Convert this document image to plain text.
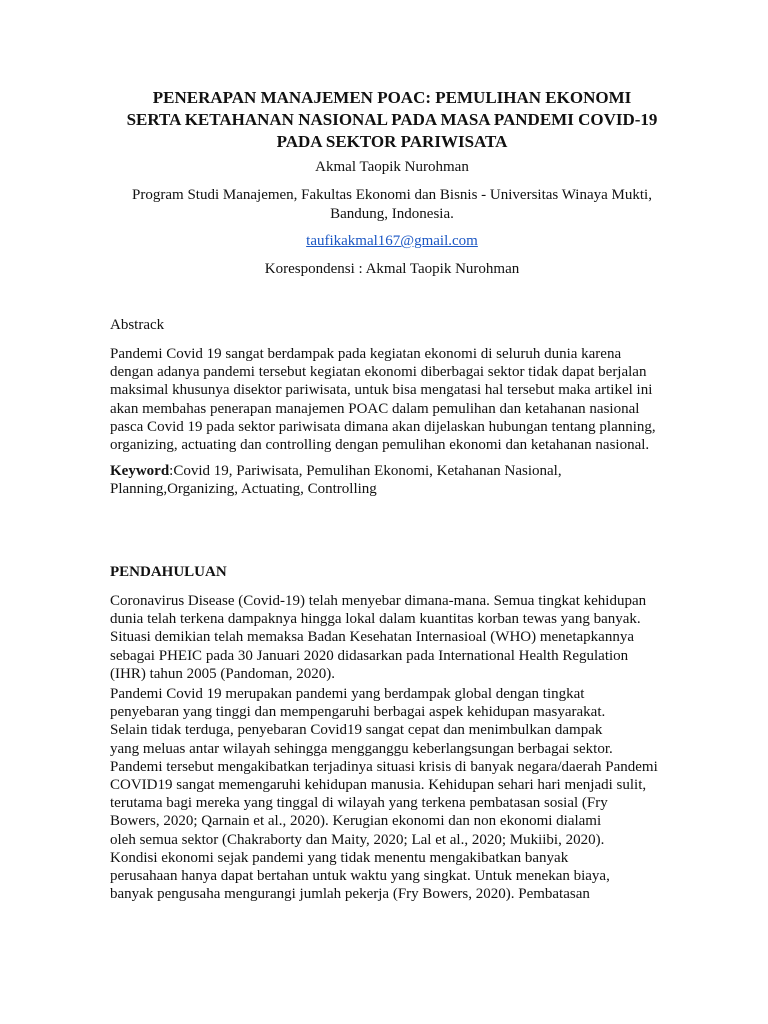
PENERAPAN MANAJEMEN POAC: PEMULIHAN EKONOMI
SERTA KETAHANAN NASIONAL PADA MASA PANDEMI COVID-19
PADA SEKTOR PARIWISATA

Akmal Taopik Nurohman

Program Studi Manajemen, Fakultas Ekonomi dan Bisnis - Universitas Winaya Mukti,
Bandung, Indonesia.

taufikakmal167@gmail.com

Korespondensi : Akmal Taopik Nurohman

Abstrack

Pandemi Covid 19 sangat berdampak pada kegiatan ekonomi di seluruh dunia karena
dengan adanya pandemi tersebut kegiatan ekonomi diberbagai sektor tidak dapat berjalan
maksimal khusunya disektor pariwisata, untuk bisa mengatasi hal tersebut maka artikel ini
akan membahas penerapan manajemen POAC dalam pemulihan dan ketahanan nasional
pasca Covid 19 pada sektor pariwisata dimana akan dijelaskan hubungan tentang planning,
organizing, actuating dan controlling dengan pemulihan ekonomi dan ketahanan nasional.
Keyword:Covid 19, Pariwisata, Pemulihan Ekonomi, Ketahanan Nasional,
Planning,Organizing, Actuating, Controlling
PENDAHULUAN
Coronavirus Disease (Covid-19) telah menyebar dimana-mana. Semua tingkat kehidupan
dunia telah terkena dampaknya hingga lokal dalam kuantitas korban tewas yang banyak.
Situasi demikian telah memaksa Badan Kesehatan Internasioal (WHO) menetapkannya
sebagai PHEIC pada 30 Januari 2020 didasarkan pada International Health Regulation
(IHR) tahun 2005 (Pandoman, 2020).
Pandemi Covid 19 merupakan pandemi yang berdampak global dengan tingkat
penyebaran yang tinggi dan mempengaruhi berbagai aspek kehidupan masyarakat.
Selain tidak terduga, penyebaran Covid19 sangat cepat dan menimbulkan dampak
yang meluas antar wilayah sehingga mengganggu keberlangsungan berbagai sektor.
Pandemi tersebut mengakibatkan terjadinya situasi krisis di banyak negara/daerah Pandemi
COVID19 sangat memengaruhi kehidupan manusia. Kehidupan sehari hari menjadi sulit,
terutama bagi mereka yang tinggal di wilayah yang terkena pembatasan sosial (Fry
Bowers, 2020; Qarnain et al., 2020). Kerugian ekonomi dan non ekonomi dialami
oleh semua sektor (Chakraborty dan Maity, 2020; Lal et al., 2020; Mukiibi, 2020).
Kondisi ekonomi sejak pandemi yang tidak menentu mengakibatkan banyak
perusahaan hanya dapat bertahan untuk waktu yang singkat. Untuk menekan biaya,
banyak pengusaha mengurangi jumlah pekerja (Fry Bowers, 2020). Pembatasan
